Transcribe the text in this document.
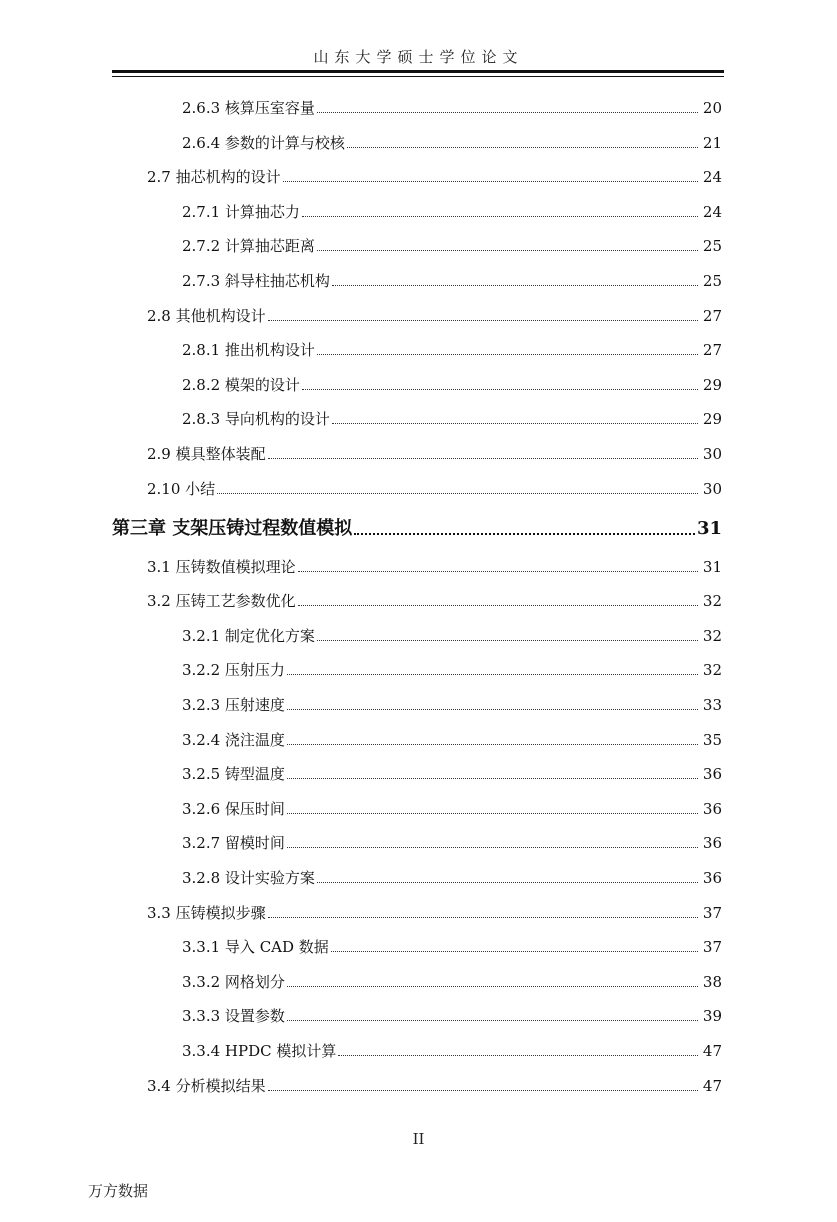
山东大学硕士学位论文
2.6.3 核算压室容量	20
2.6.4 参数的计算与校核	21
2.7 抽芯机构的设计	24
2.7.1 计算抽芯力	24
2.7.2 计算抽芯距离	25
2.7.3 斜导柱抽芯机构	25
2.8 其他机构设计	27
2.8.1 推出机构设计	27
2.8.2 模架的设计	29
2.8.3 导向机构的设计	29
2.9 模具整体装配	30
2.10 小结	30
第三章 支架压铸过程数值模拟	31
3.1 压铸数值模拟理论	31
3.2 压铸工艺参数优化	32
3.2.1 制定优化方案	32
3.2.2 压射压力	32
3.2.3 压射速度	33
3.2.4 浇注温度	35
3.2.5 铸型温度	36
3.2.6 保压时间	36
3.2.7 留模时间	36
3.2.8 设计实验方案	36
3.3 压铸模拟步骤	37
3.3.1 导入 CAD 数据	37
3.3.2 网格划分	38
3.3.3 设置参数	39
3.3.4 HPDC 模拟计算	47
3.4 分析模拟结果	47
II
万方数据
